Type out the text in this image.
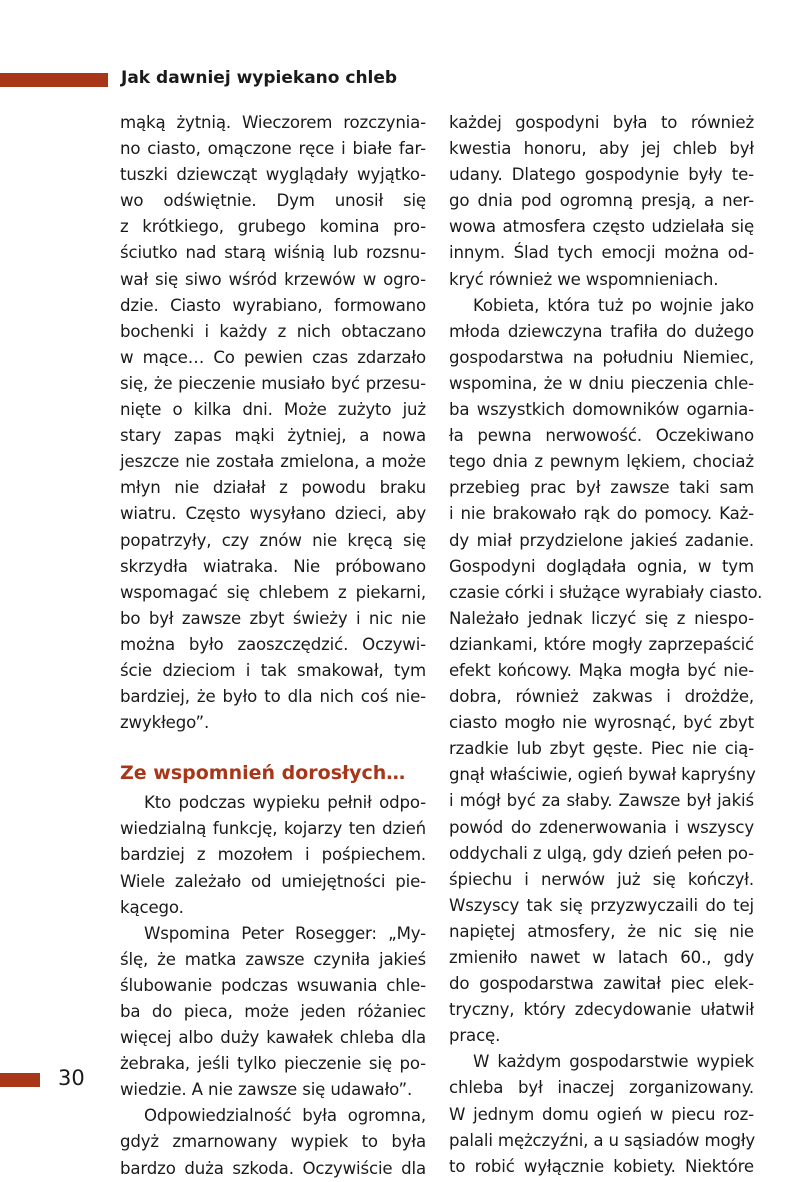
Jak dawniej wypiekano chleb
mąką żytnią. Wieczorem rozczynia-
no ciasto, omączone ręce i białe far-
tuszki dziewcząt wyglądały wyjątko-
wo odświętnie. Dym unosił się
z krótkiego, grubego komina pro-
ściutko nad starą wiśnią lub rozsnu-
wał się siwo wśród krzewów w ogro-
dzie. Ciasto wyrabiano, formowano
bochenki i każdy z nich obtaczano
w mące… Co pewien czas zdarzało
się, że pieczenie musiało być przesu-
nięte o kilka dni. Może zużyto już
stary zapas mąki żytniej, a nowa
jeszcze nie została zmielona, a może
młyn nie działał z powodu braku
wiatru. Często wysyłano dzieci, aby
popatrzyły, czy znów nie kręcą się
skrzydła wiatraka. Nie próbowano
wspomagać się chlebem z piekarni,
bo był zawsze zbyt świeży i nic nie
można było zaoszczędzić. Oczywi-
ście dzieciom i tak smakował, tym
bardziej, że było to dla nich coś nie-
zwykłego”.
Ze wspomnień dorosłych…
Kto podczas wypieku pełnił odpo-
wiedzialną funkcję, kojarzy ten dzień
bardziej z mozołem i pośpiechem.
Wiele zależało od umiejętności pie-
kącego.
Wspomina Peter Rosegger: „My-
ślę, że matka zawsze czyniła jakieś
ślubowanie podczas wsuwania chle-
ba do pieca, może jeden różaniec
więcej albo duży kawałek chleba dla
żebraka, jeśli tylko pieczenie się po-
wiedzie. A nie zawsze się udawało”.
Odpowiedzialność była ogromna,
gdyż zmarnowany wypiek to była
bardzo duża szkoda. Oczywiście dla
każdej gospodyni była to również
kwestia honoru, aby jej chleb był
udany. Dlatego gospodynie były te-
go dnia pod ogromną presją, a ner-
wowa atmosfera często udzielała się
innym. Ślad tych emocji można od-
kryć również we wspomnieniach.
Kobieta, która tuż po wojnie jako
młoda dziewczyna trafiła do dużego
gospodarstwa na południu Niemiec,
wspomina, że w dniu pieczenia chle-
ba wszystkich domowników ogarnia-
ła pewna nerwowość. Oczekiwano
tego dnia z pewnym lękiem, chociaż
przebieg prac był zawsze taki sam
i nie brakowało rąk do pomocy. Każ-
dy miał przydzielone jakieś zadanie.
Gospodyni doglądała ognia, w tym
czasie córki i służące wyrabiały ciasto.
Należało jednak liczyć się z niespo-
dziankami, które mogły zaprzepaścić
efekt końcowy. Mąka mogła być nie-
dobra, również zakwas i drożdże,
ciasto mogło nie wyrosnąć, być zbyt
rzadkie lub zbyt gęste. Piec nie cią-
gnął właściwie, ogień bywał kapryśny
i mógł być za słaby. Zawsze był jakiś
powód do zdenerwowania i wszyscy
oddychali z ulgą, gdy dzień pełen po-
śpiechu i nerwów już się kończył.
Wszyscy tak się przyzwyczaili do tej
napiętej atmosfery, że nic się nie
zmieniło nawet w latach 60., gdy
do gospodarstwa zawitał piec elek-
tryczny, który zdecydowanie ułatwił
pracę.
W każdym gospodarstwie wypiek
chleba był inaczej zorganizowany.
W jednym domu ogień w piecu roz-
palali mężczyźni, a u sąsiadów mogły
to robić wyłącznie kobiety. Niektóre
30
